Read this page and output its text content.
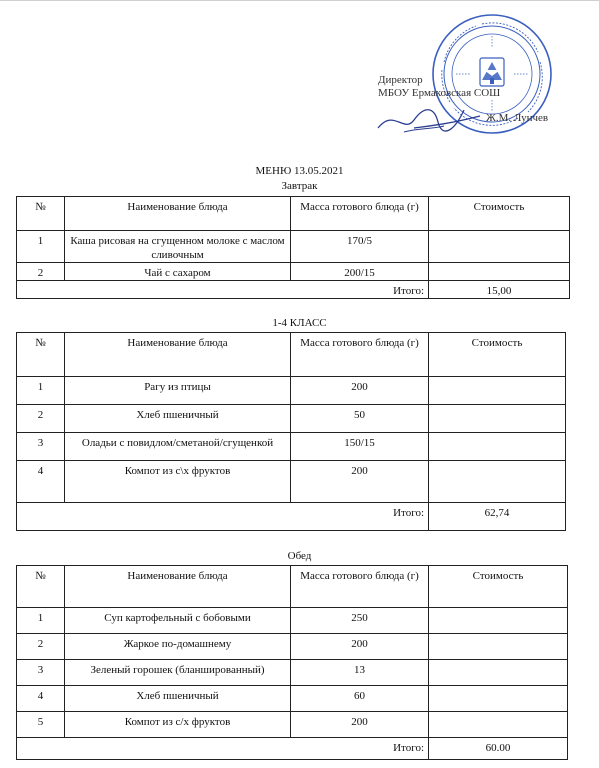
Директор
МБОУ Ермаковская СОШ
Ж.М. Лунчев
МЕНЮ 13.05.2021
Завтрак
№	Наименование блюда	Масса готового блюда (г)	Стоимость
1	Каша рисовая на сгущенном молоке с маслом сливочным	170/5	
2	Чай с сахаром	200/15	
Итого:			15,00
1-4 КЛАСС
№	Наименование блюда	Масса готового блюда (г)	Стоимость
1	Рагу из птицы	200	
2	Хлеб пшеничный	50	
3	Оладьи с повидлом/сметаной/сгущенкой	150/15	
4	Компот из с\х фруктов	200	
Итого:			62,74
Обед
№	Наименование блюда	Масса готового блюда (г)	Стоимость
1	Суп картофельный с бобовыми	250	
2	Жаркое по-домашнему	200	
3	Зеленый горошек (бланшированный)	13	
4	Хлеб пшеничный	60	
5	Компот из с/х фруктов	200	
Итого:			60.00
